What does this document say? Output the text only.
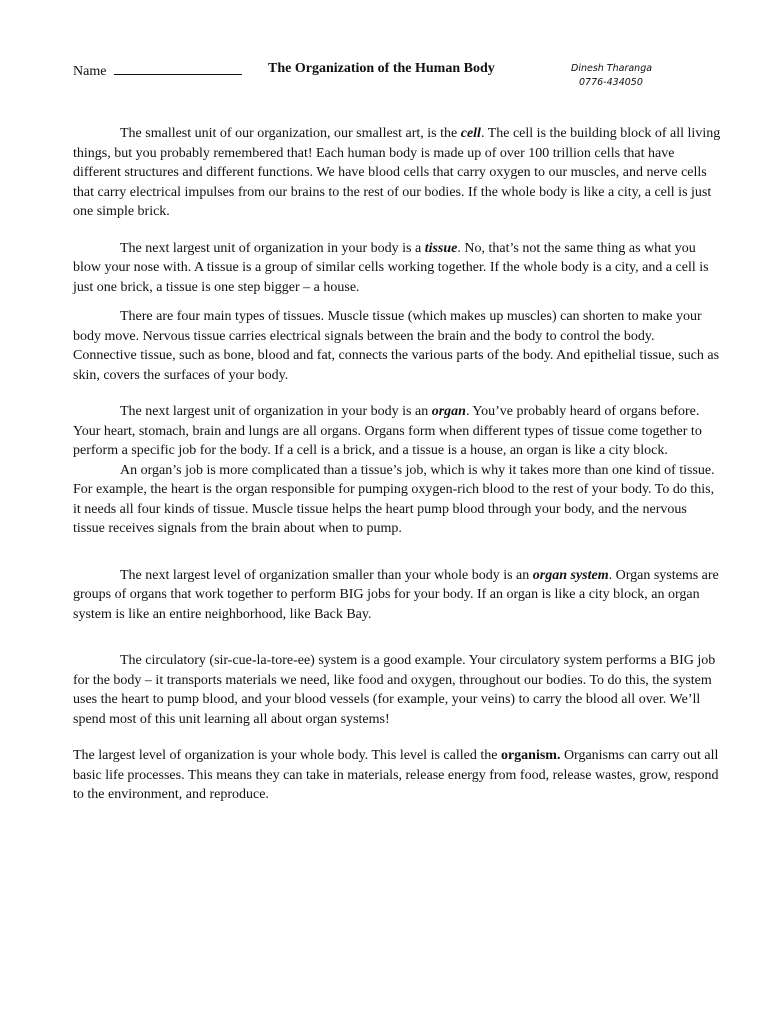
Name	The Organization of the Human Body	Dinesh Tharanga
0776-434050

The smallest unit of our organization, our smallest art, is the cell. The cell is the building block of all living things, but you probably remembered that! Each human body is made up of over 100 trillion cells that have different structures and different functions. We have blood cells that carry oxygen to our muscles, and nerve cells that carry electrical impulses from our brains to the rest of our bodies. If the whole body is like a city, a cell is just one simple brick.

The next largest unit of organization in your body is a tissue. No, that’s not the same thing as what you blow your nose with. A tissue is a group of similar cells working together. If the whole body is a city, and a cell is just one brick, a tissue is one step bigger – a house.

There are four main types of tissues. Muscle tissue (which makes up muscles) can shorten to make your body move. Nervous tissue carries electrical signals between the brain and the body to control the body. Connective tissue, such as bone, blood and fat, connects the various parts of the body. And epithelial tissue, such as skin, covers the surfaces of your body.

The next largest unit of organization in your body is an organ. You’ve probably heard of organs before. Your heart, stomach, brain and lungs are all organs. Organs form when different types of tissue come together to perform a specific job for the body. If a cell is a brick, and a tissue is a house, an organ is like a city block.

An organ’s job is more complicated than a tissue’s job, which is why it takes more than one kind of tissue. For example, the heart is the organ responsible for pumping oxygen-rich blood to the rest of your body. To do this, it needs all four kinds of tissue. Muscle tissue helps the heart pump blood through your body, and the nervous tissue receives signals from the brain about when to pump.

The next largest level of organization smaller than your whole body is an organ system. Organ systems are groups of organs that work together to perform BIG jobs for your body. If an organ is like a city block, an organ system is like an entire neighborhood, like Back Bay.

The circulatory (sir-cue-la-tore-ee) system is a good example. Your circulatory system performs a BIG job for the body – it transports materials we need, like food and oxygen, throughout our bodies. To do this, the system uses the heart to pump blood, and your blood vessels (for example, your veins) to carry the blood all over. We’ll spend most of this unit learning all about organ systems!

The largest level of organization is your whole body. This level is called the organism. Organisms can carry out all basic life processes. This means they can take in materials, release energy from food, release wastes, grow, respond to the environment, and reproduce.
